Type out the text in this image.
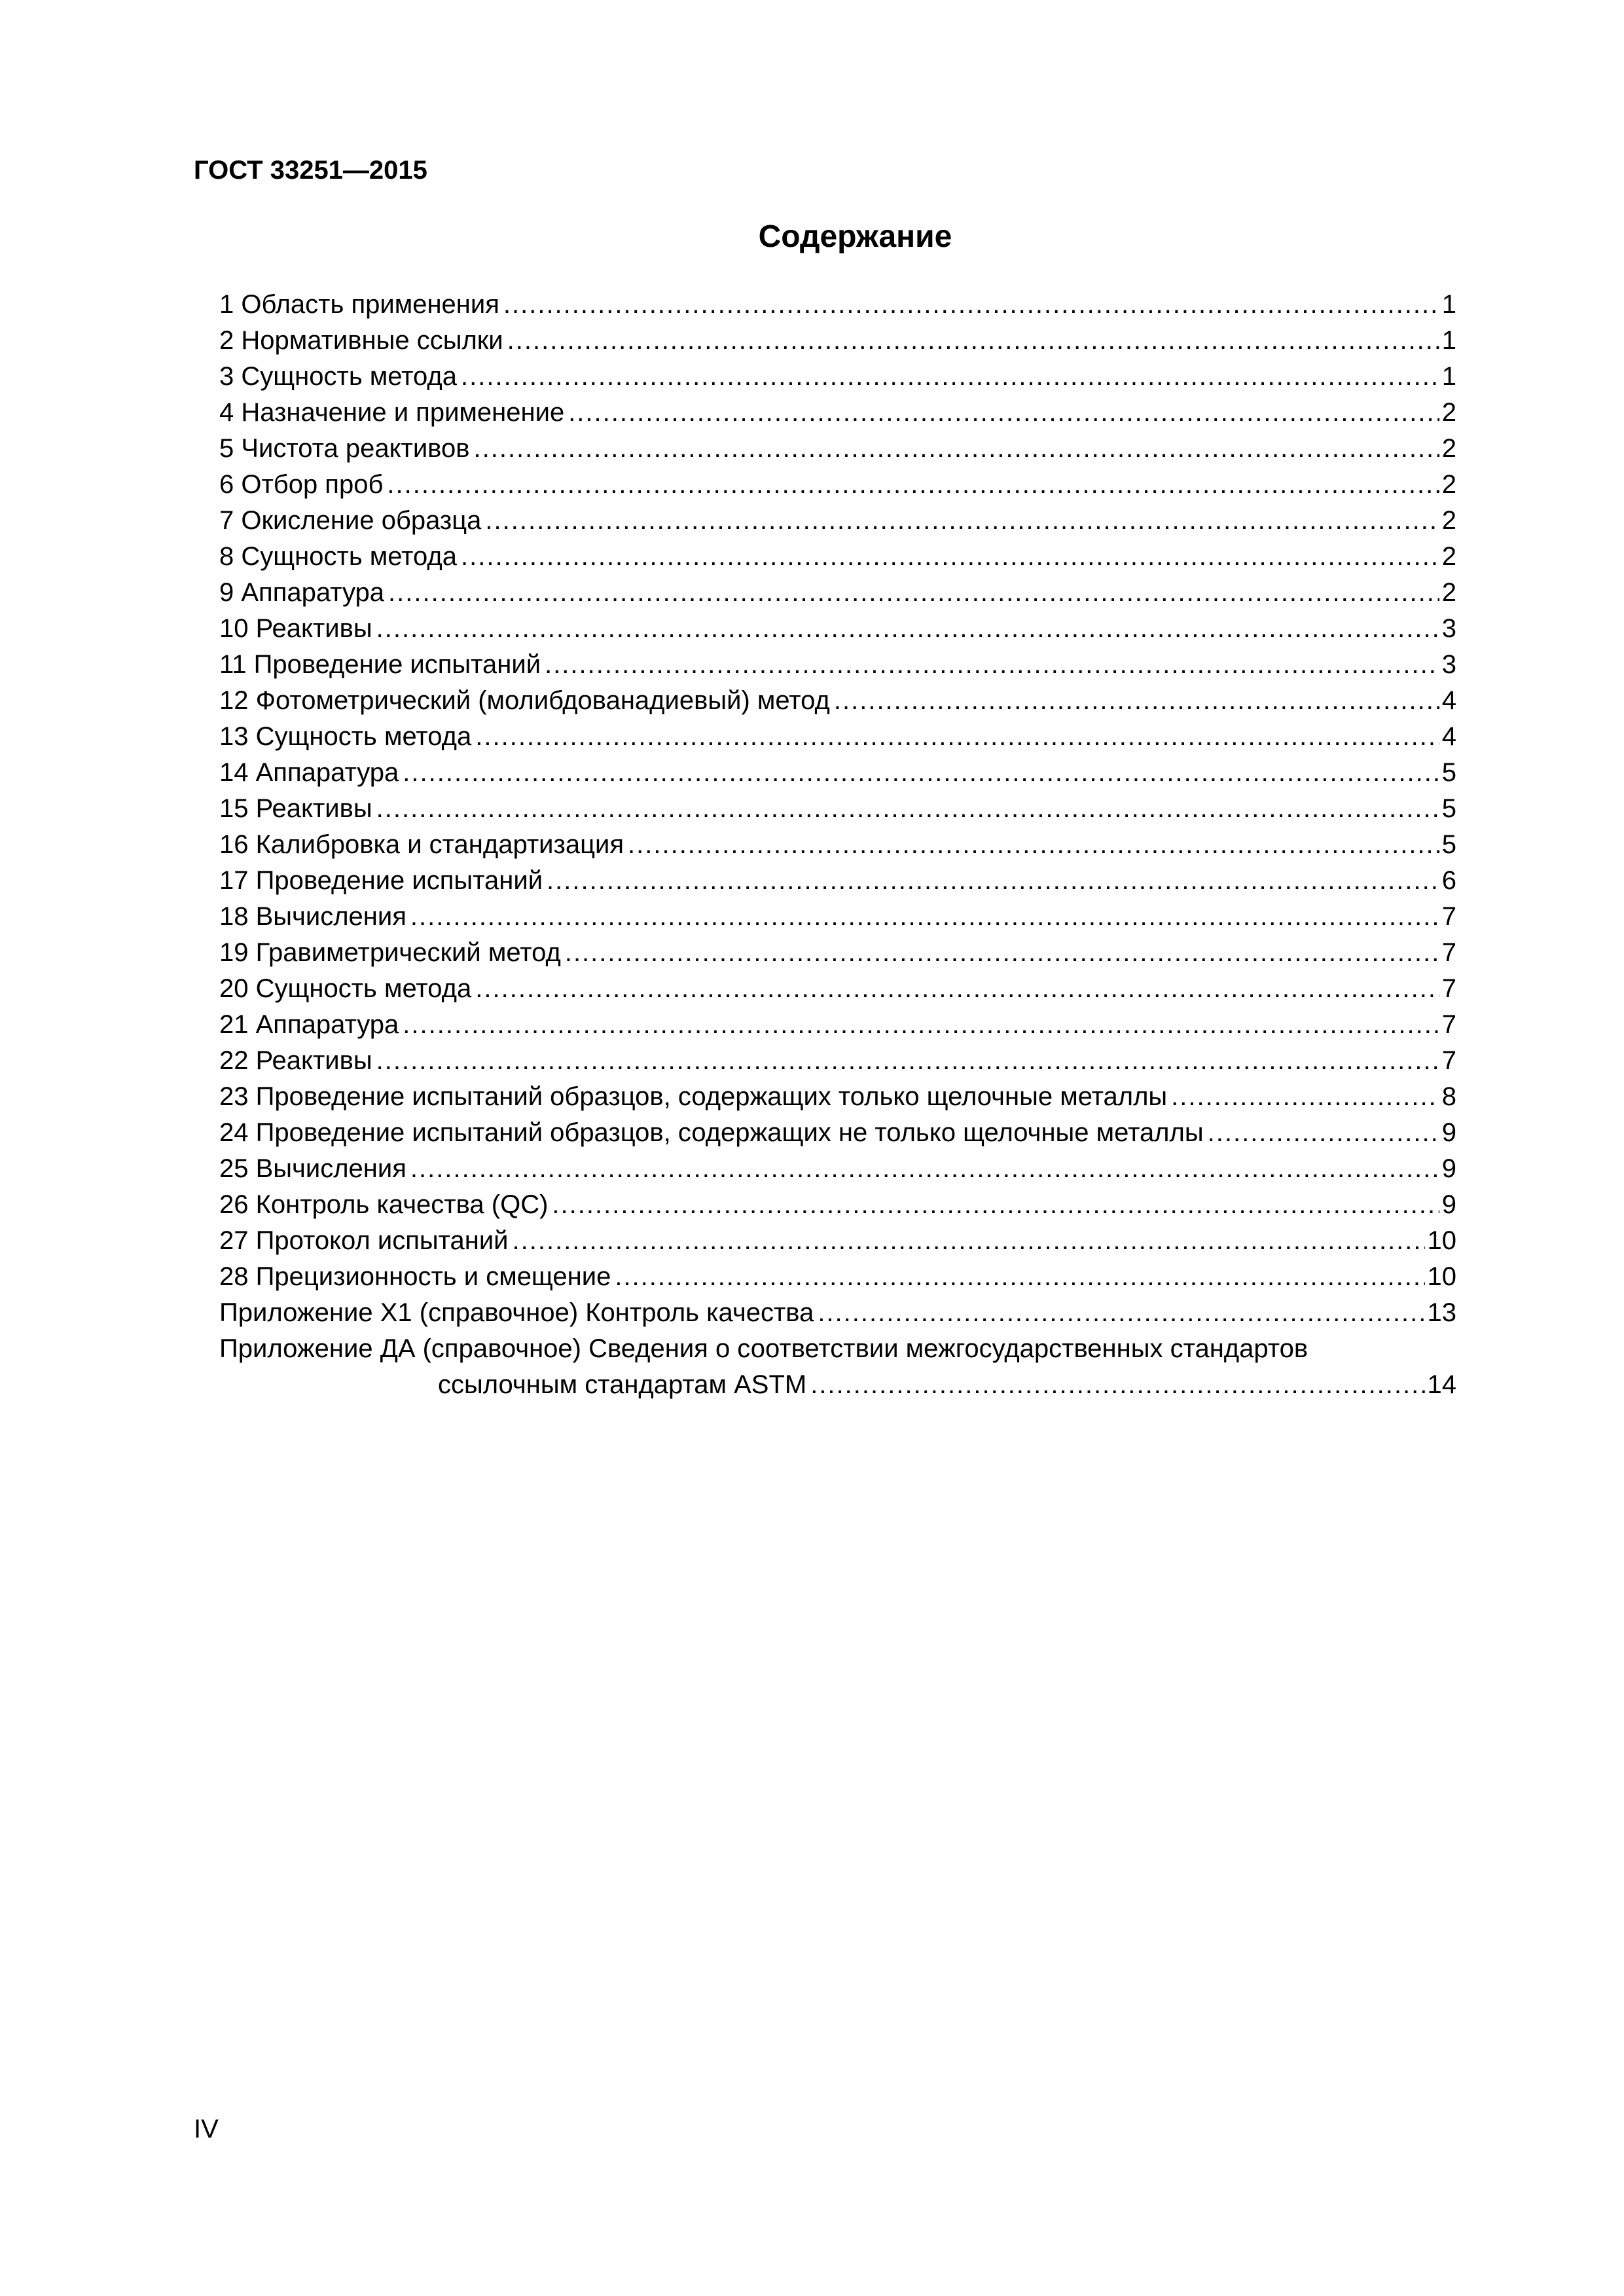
ГОСТ 33251—2015

Содержание
1 Область применения .....	1
2 Нормативные ссылки .....	1
3 Сущность метода .....	1
4 Назначение и применение .....	2
5 Чистота реактивов .....	2
6 Отбор проб .....	2
7 Окисление образца .....	2
8 Сущность метода .....	2
9 Аппаратура .....	2
10 Реактивы .....	3
11 Проведение испытаний .....	3
12 Фотометрический (молибдованадиевый) метод .....	4
13 Сущность метода .....	4
14 Аппаратура .....	5
15 Реактивы .....	5
16 Калибровка и стандартизация .....	5
17 Проведение испытаний .....	6
18 Вычисления .....	7
19 Гравиметрический метод .....	7
20 Сущность метода .....	7
21 Аппаратура .....	7
22 Реактивы .....	7
23 Проведение испытаний образцов, содержащих только щелочные металлы .....	8
24 Проведение испытаний образцов, содержащих не только щелочные металлы .....	9
25 Вычисления .....	9
26 Контроль качества (QC) .....	9
27 Протокол испытаний .....	10
28 Прецизионность и смещение .....	10
Приложение X1 (справочное) Контроль качества .....	13
Приложение ДА (справочное) Сведения о соответствии межгосударственных стандартов
ссылочным стандартам ASTM .....	14

IV
